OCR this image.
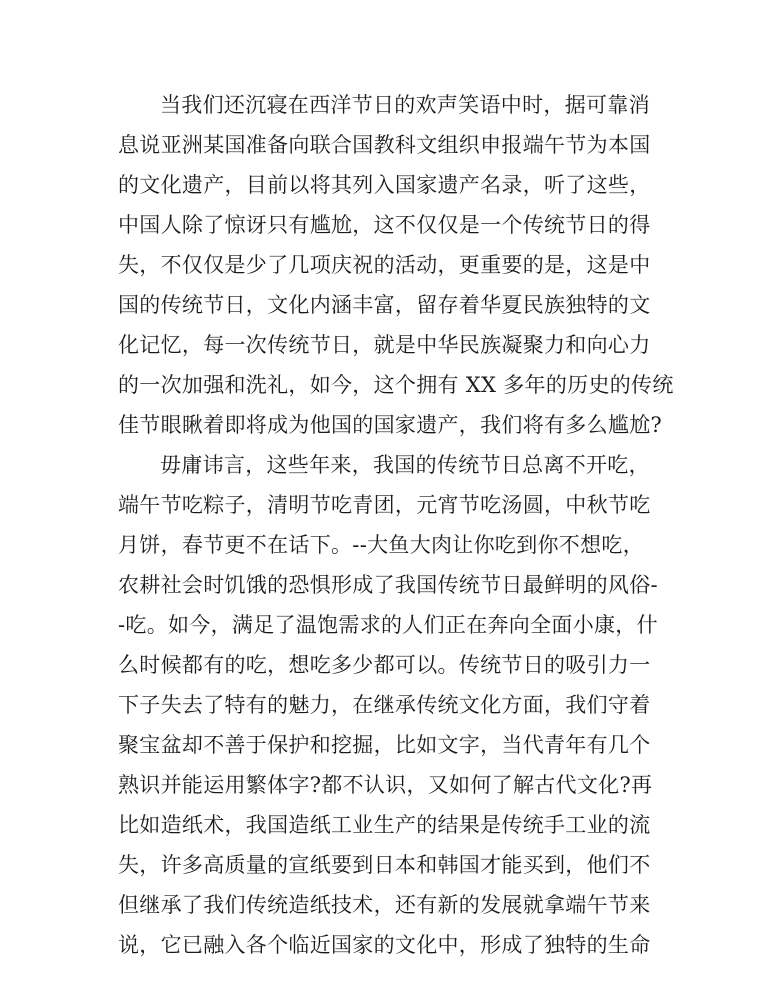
当我们还沉寝在西洋节日的欢声笑语中时，据可靠消
息说亚洲某国准备向联合国教科文组织申报端午节为本国
的文化遗产，目前以将其列入国家遗产名录，听了这些，
中国人除了惊讶只有尴尬，这不仅仅是一个传统节日的得
失，不仅仅是少了几项庆祝的活动，更重要的是，这是中
国的传统节日，文化内涵丰富，留存着华夏民族独特的文
化记忆，每一次传统节日，就是中华民族凝聚力和向心力
的一次加强和洗礼，如今，这个拥有 XX 多年的历史的传统
佳节眼瞅着即将成为他国的国家遗产，我们将有多么尴尬?
毋庸讳言，这些年来，我国的传统节日总离不开吃，
端午节吃粽子，清明节吃青团，元宵节吃汤圆，中秋节吃
月饼，春节更不在话下。--大鱼大肉让你吃到你不想吃，
农耕社会时饥饿的恐惧形成了我国传统节日最鲜明的风俗-
-吃。如今，满足了温饱需求的人们正在奔向全面小康，什
么时候都有的吃，想吃多少都可以。传统节日的吸引力一
下子失去了特有的魅力，在继承传统文化方面，我们守着
聚宝盆却不善于保护和挖掘，比如文字，当代青年有几个
熟识并能运用繁体字?都不认识，又如何了解古代文化?再
比如造纸术，我国造纸工业生产的结果是传统手工业的流
失，许多高质量的宣纸要到日本和韩国才能买到，他们不
但继承了我们传统造纸技术，还有新的发展就拿端午节来
说，它已融入各个临近国家的文化中，形成了独特的生命
